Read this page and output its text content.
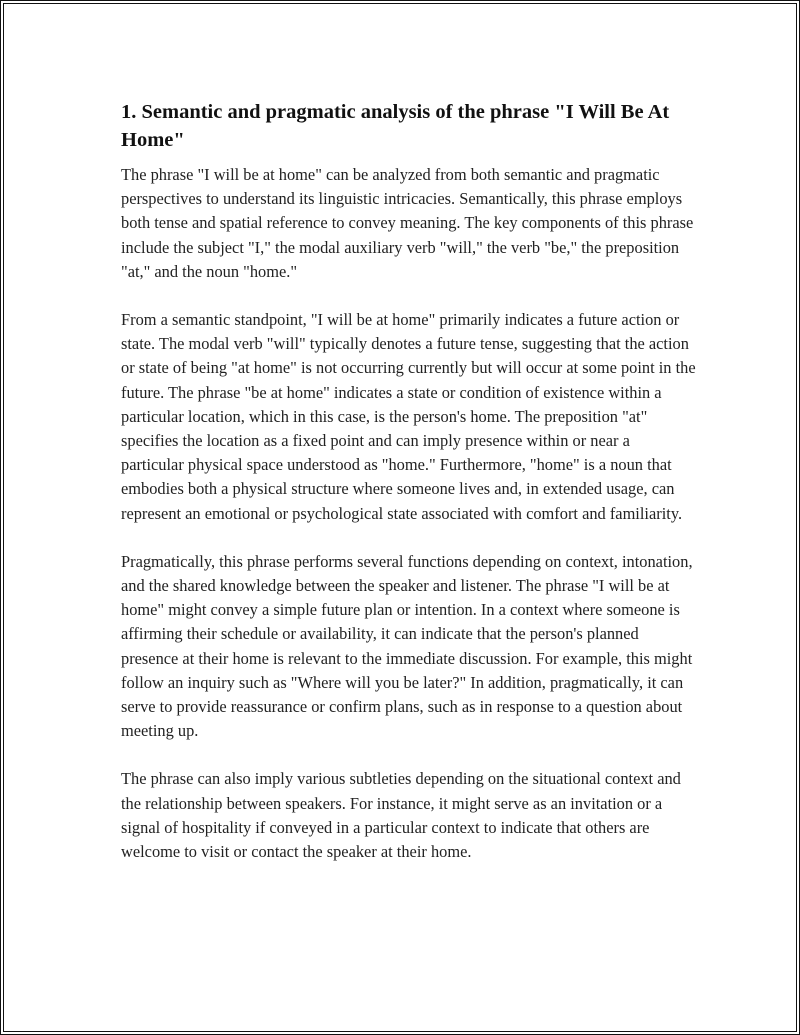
1. Semantic and pragmatic analysis of the phrase "I Will Be At Home"

The phrase "I will be at home" can be analyzed from both semantic and pragmatic perspectives to understand its linguistic intricacies. Semantically, this phrase employs both tense and spatial reference to convey meaning. The key components of this phrase include the subject "I," the modal auxiliary verb "will," the verb "be," the preposition "at," and the noun "home."

From a semantic standpoint, "I will be at home" primarily indicates a future action or state. The modal verb "will" typically denotes a future tense, suggesting that the action or state of being "at home" is not occurring currently but will occur at some point in the future. The phrase "be at home" indicates a state or condition of existence within a particular location, which in this case, is the person's home. The preposition "at" specifies the location as a fixed point and can imply presence within or near a particular physical space understood as "home." Furthermore, "home" is a noun that embodies both a physical structure where someone lives and, in extended usage, can represent an emotional or psychological state associated with comfort and familiarity.

Pragmatically, this phrase performs several functions depending on context, intonation, and the shared knowledge between the speaker and listener. The phrase "I will be at home" might convey a simple future plan or intention. In a context where someone is affirming their schedule or availability, it can indicate that the person's planned presence at their home is relevant to the immediate discussion. For example, this might follow an inquiry such as "Where will you be later?" In addition, pragmatically, it can serve to provide reassurance or confirm plans, such as in response to a question about meeting up.

The phrase can also imply various subtleties depending on the situational context and the relationship between speakers. For instance, it might serve as an invitation or a signal of hospitality if conveyed in a particular context to indicate that others are welcome to visit or contact the speaker at their home.
